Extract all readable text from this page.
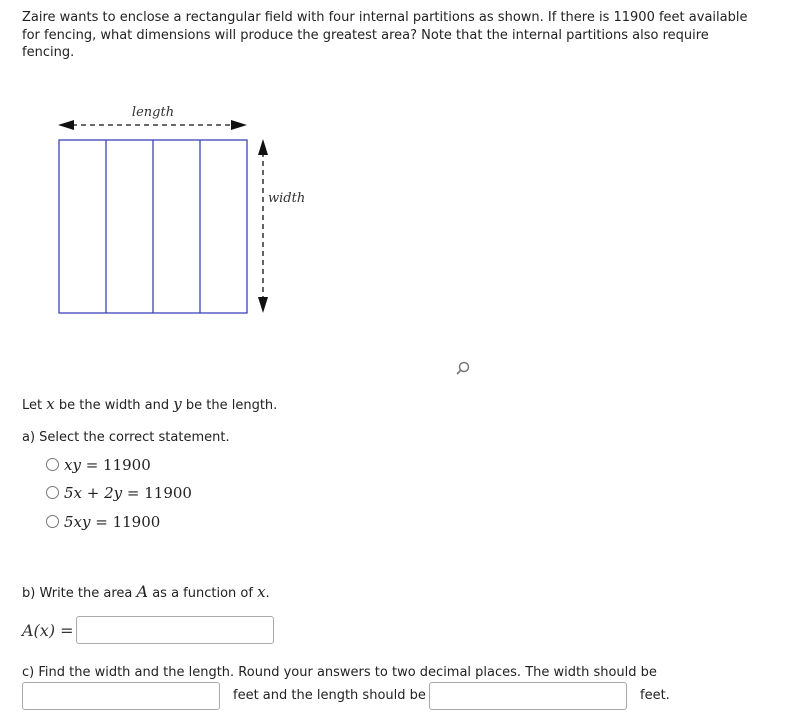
Zaire wants to enclose a rectangular field with four internal partitions as shown. If there is 11900 feet available for fencing, what dimensions will produce the greatest area? Note that the internal partitions also require fencing.
length
width
Let x be the width and y be the length.
a) Select the correct statement.
xy = 11900
5x + 2y = 11900
5xy = 11900
b) Write the area A as a function of x.
A(x) =
c) Find the width and the length. Round your answers to two decimal places. The width should be
feet and the length should be	feet.
